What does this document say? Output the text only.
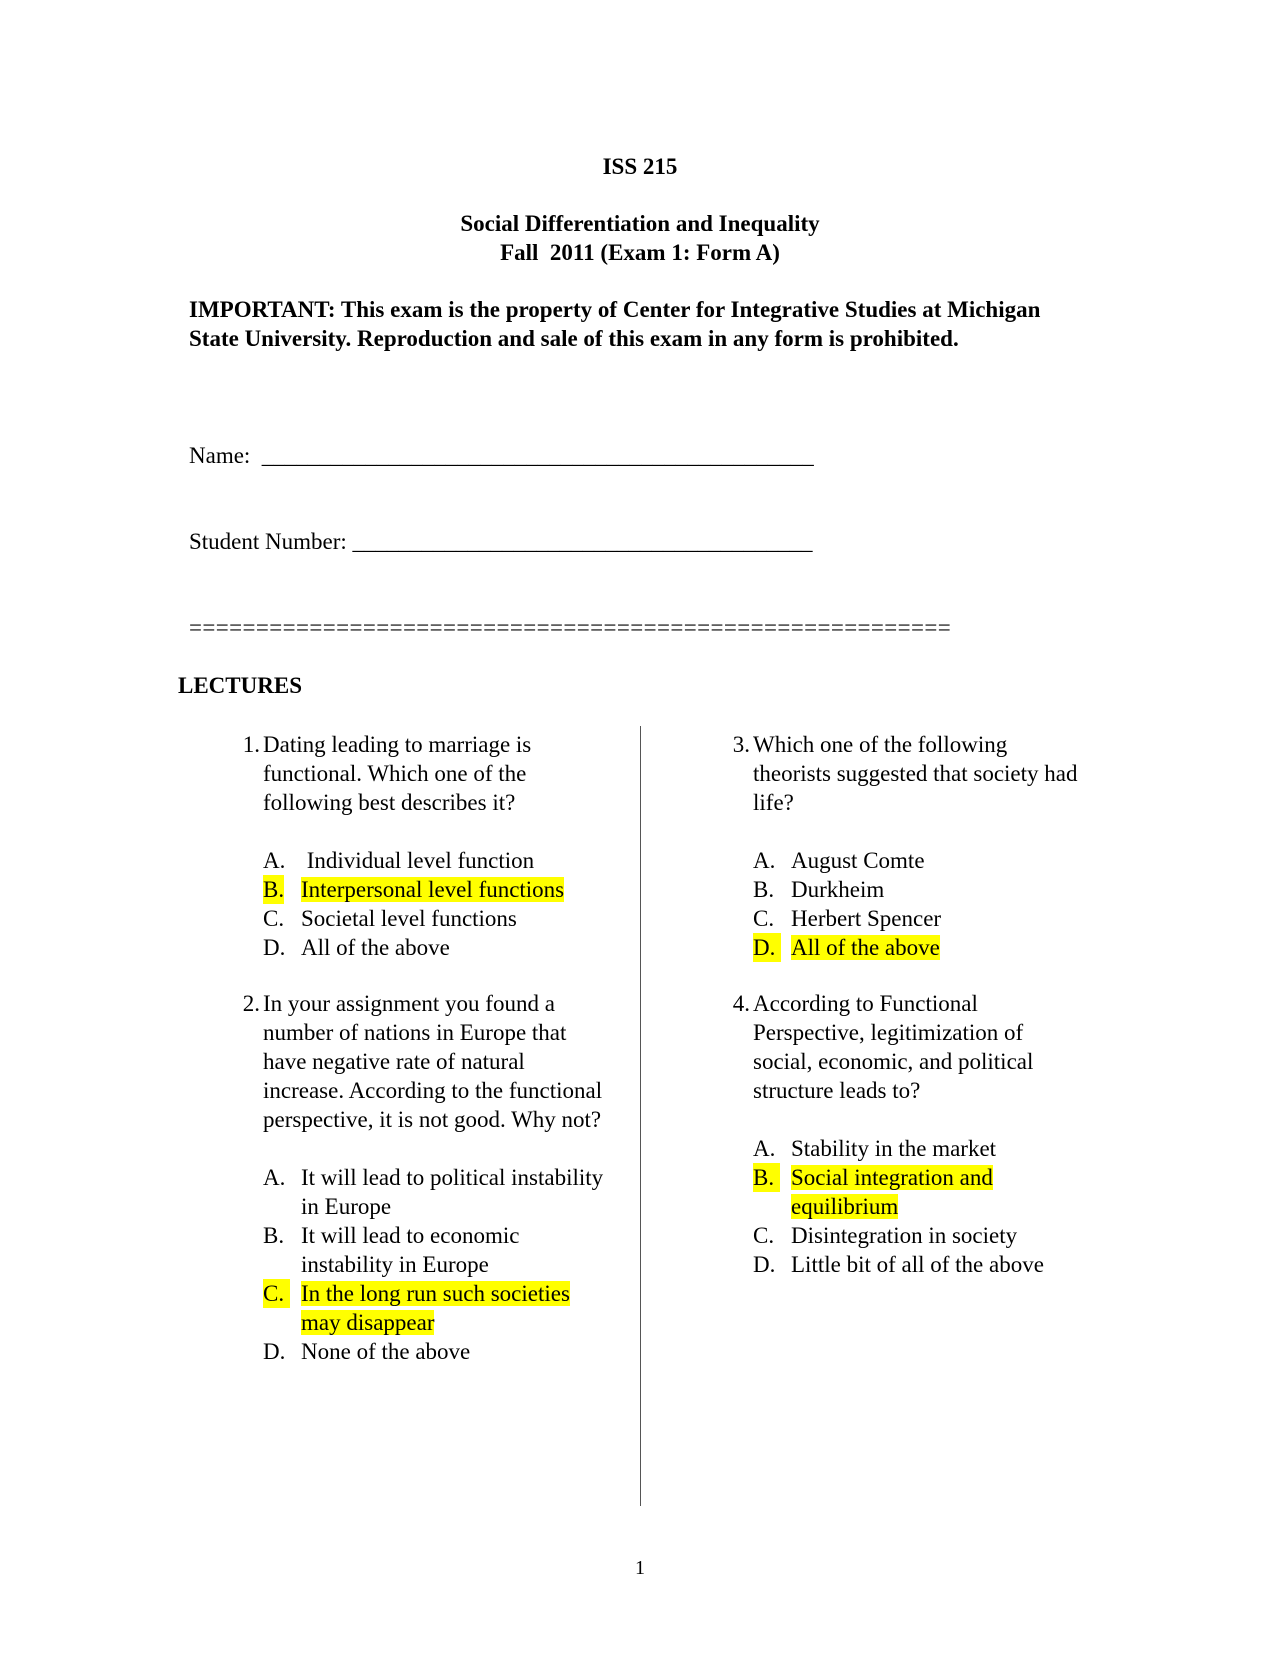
ISS 215
Social Differentiation and Inequality
Fall  2011 (Exam 1: Form A)
IMPORTANT: This exam is the property of Center for Integrative Studies at Michigan State University. Reproduction and sale of this exam in any form is prohibited.
Name:  ________________________________________________
Student Number: ________________________________________
=========================================================
LECTURES
1. Dating leading to marriage is functional. Which one of the following best describes it?
A. Individual level function
B. Interpersonal level functions
C. Societal level functions
D. All of the above
2. In your assignment you found a number of nations in Europe that have negative rate of natural increase. According to the functional perspective, it is not good. Why not?
A. It will lead to political instability in Europe
B. It will lead to economic instability in Europe
C. In the long run such societies may disappear
D. None of the above
3. Which one of the following theorists suggested that society had life?
A. August Comte
B. Durkheim
C. Herbert Spencer
D. All of the above
4. According to Functional Perspective, legitimization of social, economic, and political structure leads to?
A. Stability in the market
B. Social integration and equilibrium
C. Disintegration in society
D. Little bit of all of the above
1
